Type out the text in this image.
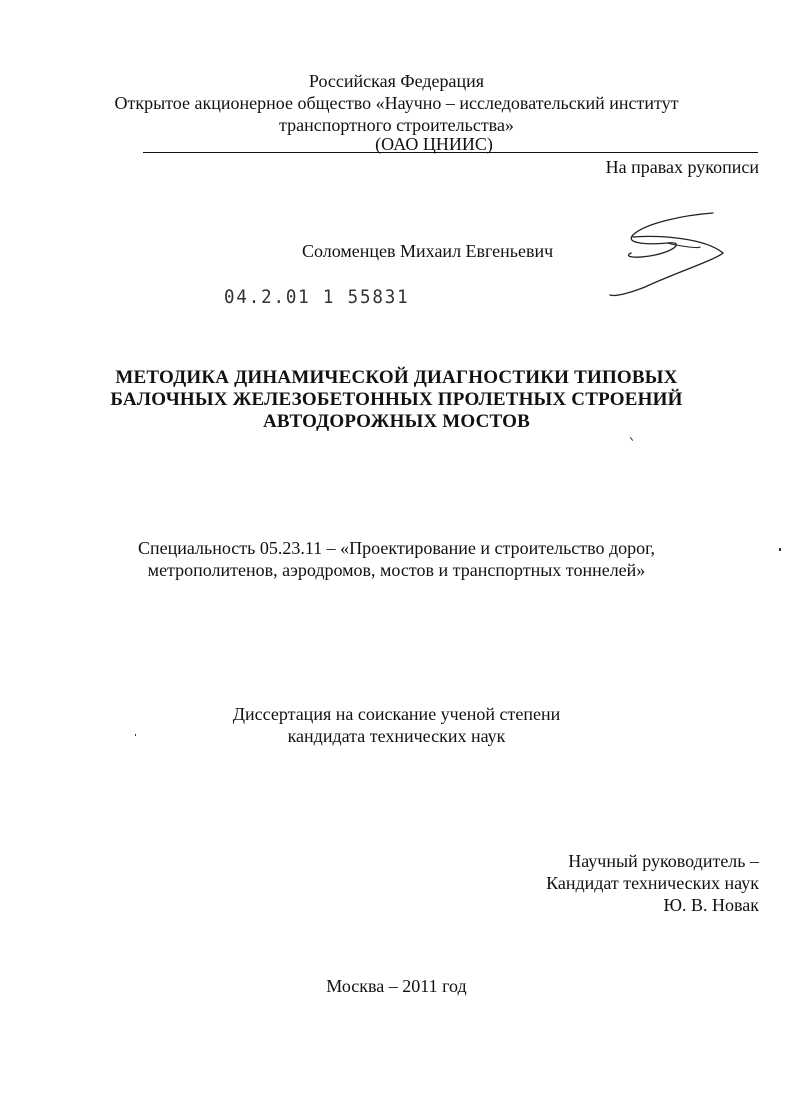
Российская Федерация
Открытое акционерное общество «Научно – исследовательский институт
транспортного строительства»
(ОАО ЦНИИС)
На правах рукописи
Соломенцев Михаил Евгеньевич
04.2.01 1 55831
МЕТОДИКА ДИНАМИЧЕСКОЙ ДИАГНОСТИКИ ТИПОВЫХ
БАЛОЧНЫХ ЖЕЛЕЗОБЕТОННЫХ ПРОЛЕТНЫХ СТРОЕНИЙ
АВТОДОРОЖНЫХ МОСТОВ
Специальность 05.23.11 – «Проектирование и строительство дорог,
метрополитенов, аэродромов, мостов и транспортных тоннелей»
Диссертация на соискание ученой степени
кандидата технических наук
Научный руководитель –
Кандидат технических наук
Ю. В. Новак
Москва – 2011 год
